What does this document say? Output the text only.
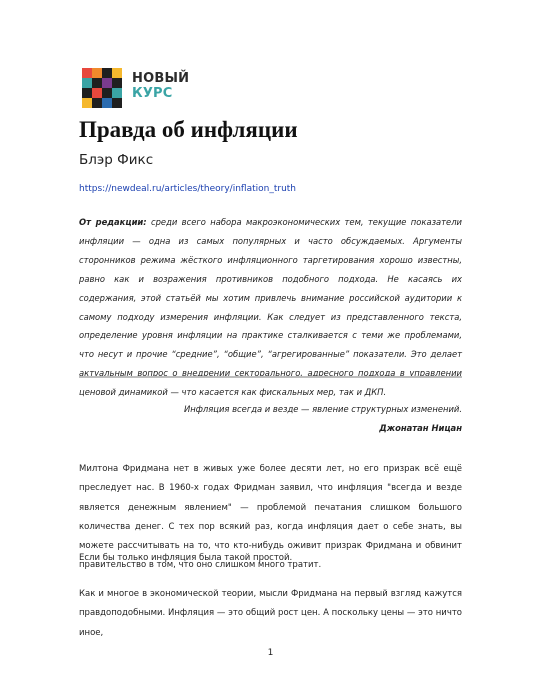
НОВЫЙ
КУРС
Правда об инфляции
Блэр Фикс
https://newdeal.ru/articles/theory/inflation_truth

От редакции: среди всего набора макроэкономических тем, текущие показатели инфляции — одна из самых популярных и часто обсуждаемых. Аргументы сторонников режима жёсткого инфляционного таргетирования хорошо известны, равно как и возражения противников подобного подхода. Не касаясь их содержания, этой статьёй мы хотим привлечь внимание российской аудитории к самому подходу измерения инфляции. Как следует из представленного текста, определение уровня инфляции на практике сталкивается с теми же проблемами, что несут и прочие “средние”, “общие”, “агрегированные” показатели. Это делает актуальным вопрос о внедрении секторального, адресного подхода в управлении ценовой динамикой — что касается как фискальных мер, так и ДКП.

Инфляция всегда и везде — явление структурных изменений.
Джонатан Ницан

Милтона Фридмана нет в живых уже более десяти лет, но его призрак всё ещё преследует нас. В 1960-х годах Фридман заявил, что инфляция "всегда и везде является денежным явлением" — проблемой печатания слишком большого количества денег. С тех пор всякий раз, когда инфляция дает о себе знать, вы можете рассчитывать на то, что кто-нибудь оживит призрак Фридмана и обвинит правительство в том, что оно слишком много тратит.

Если бы только инфляция была такой простой.

Как и многое в экономической теории, мысли Фридмана на первый взгляд кажутся правдоподобными. Инфляция — это общий рост цен. А поскольку цены — это ничто иное,

1
